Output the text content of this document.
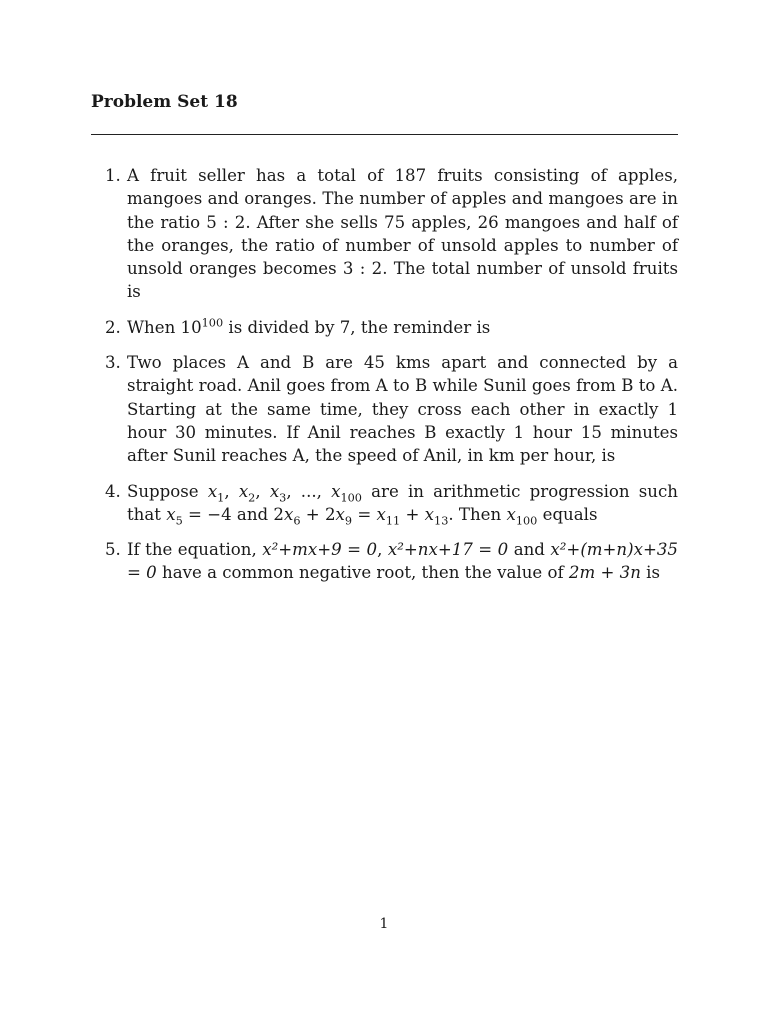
Problem Set 18
1. A fruit seller has a total of 187 fruits consisting of apples, mangoes and oranges. The number of apples and mangoes are in the ratio 5 : 2. After she sells 75 apples, 26 mangoes and half of the oranges, the ratio of number of unsold apples to number of unsold oranges becomes 3 : 2. The total number of unsold fruits is
2. When $10^{100}$ is divided by 7, the reminder is
3. Two places A and B are 45 kms apart and connected by a straight road. Anil goes from A to B while Sunil goes from B to A. Starting at the same time, they cross each other in exactly 1 hour 30 minutes. If Anil reaches B exactly 1 hour 15 minutes after Sunil reaches A, the speed of Anil, in km per hour, is
4. Suppose $x_1$, $x_2$, $x_3$, ..., $x_{100}$ are in arithmetic progression such that $x_5 = -4$ and $2x_6 + 2x_9 = x_{11} + x_{13}$. Then $x_{100}$ equals
5. If the equation, x²+mx+9 = 0, x²+nx+17 = 0 and x²+(m+n)x+35 = 0 have a common negative root, then the value of 2m + 3n is
1
